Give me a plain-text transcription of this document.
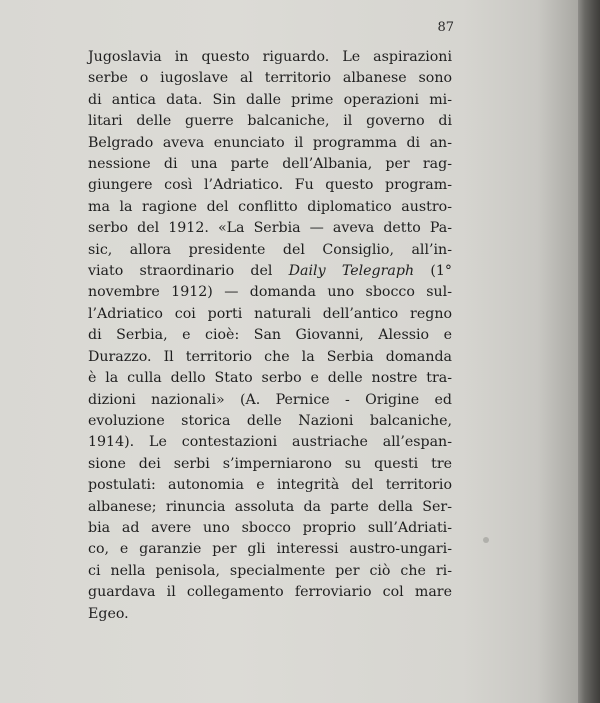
87
Jugoslavia in questo riguardo. Le aspirazioni
serbe o iugoslave al territorio albanese sono
di antica data. Sin dalle prime operazioni mi-
litari delle guerre balcaniche, il governo di
Belgrado aveva enunciato il programma di an-
nessione di una parte dell’Albania, per rag-
giungere così l’Adriatico. Fu questo program-
ma la ragione del conflitto diplomatico austro-
serbo del 1912. «La Serbia — aveva detto Pa-
sic, allora presidente del Consiglio, all’in-
viato straordinario del Daily Telegraph (1°
novembre 1912) — domanda uno sbocco sul-
l’Adriatico coi porti naturali dell’antico regno
di Serbia, e cioè: San Giovanni, Alessio e
Durazzo. Il territorio che la Serbia domanda
è la culla dello Stato serbo e delle nostre tra-
dizioni nazionali» (A. Pernice - Origine ed
evoluzione storica delle Nazioni balcaniche,
1914). Le contestazioni austriache all’espan-
sione dei serbi s’imperniarono su questi tre
postulati: autonomia e integrità del territorio
albanese; rinuncia assoluta da parte della Ser-
bia ad avere uno sbocco proprio sull’Adriati-
co, e garanzie per gli interessi austro-ungari-
ci nella penisola, specialmente per ciò che ri-
guardava il collegamento ferroviario col mare
Egeo.
